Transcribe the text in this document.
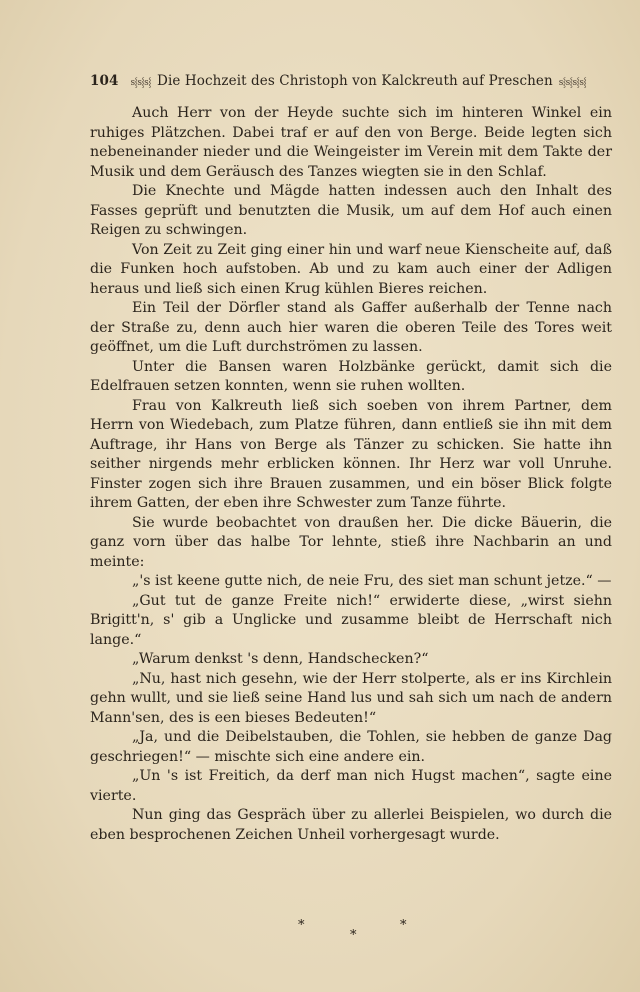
104 s⸾s⸾s⸾ Die Hochzeit des Christoph von Kalckreuth auf Preschen s⸾s⸾s⸾s⸾

Auch Herr von der Heyde suchte sich im hinteren Winkel ein ruhiges Plätzchen. Dabei traf er auf den von Berge. Beide legten sich nebeneinander nieder und die Weingeister im Verein mit dem Takte der Musik und dem Geräusch des Tanzes wiegten sie in den Schlaf.

Die Knechte und Mägde hatten indessen auch den Inhalt des Fasses geprüft und benutzten die Musik, um auf dem Hof auch einen Reigen zu schwingen.

Von Zeit zu Zeit ging einer hin und warf neue Kienscheite auf, daß die Funken hoch aufstoben. Ab und zu kam auch einer der Adligen heraus und ließ sich einen Krug kühlen Bieres reichen.

Ein Teil der Dörfler stand als Gaffer außerhalb der Tenne nach der Straße zu, denn auch hier waren die oberen Teile des Tores weit geöffnet, um die Luft durchströmen zu lassen.

Unter die Bansen waren Holzbänke gerückt, damit sich die Edelfrauen setzen konnten, wenn sie ruhen wollten.

Frau von Kalkreuth ließ sich soeben von ihrem Partner, dem Herrn von Wiedebach, zum Platze führen, dann entließ sie ihn mit dem Auftrage, ihr Hans von Berge als Tänzer zu schicken. Sie hatte ihn seither nirgends mehr erblicken können. Ihr Herz war voll Unruhe. Finster zogen sich ihre Brauen zusammen, und ein böser Blick folgte ihrem Gatten, der eben ihre Schwester zum Tanze führte.

Sie wurde beobachtet von draußen her. Die dicke Bäuerin, die ganz vorn über das halbe Tor lehnte, stieß ihre Nachbarin an und meinte:

„'s ist keene gutte nich, de neie Fru, des siet man schunt jetze.“ —

„Gut tut de ganze Freite nich!“ erwiderte diese, „wirst siehn Brigitt'n, s' gib a Unglicke und zusamme bleibt de Herrschaft nich lange.“

„Warum denkst 's denn, Handschecken?“

„Nu, hast nich gesehn, wie der Herr stolperte, als er ins Kirchlein gehn wullt, und sie ließ seine Hand lus und sah sich um nach de andern Mann'sen, des is een bieses Bedeuten!“

„Ja, und die Deibelstauben, die Tohlen, sie hebben de ganze Dag geschriegen!“ — mischte sich eine andere ein.

„Un 's ist Freitich, da derf man nich Hugst machen“, sagte eine vierte.

Nun ging das Gespräch über zu allerlei Beispielen, wo durch die eben besprochenen Zeichen Unheil vorhergesagt wurde.

*
*
*
